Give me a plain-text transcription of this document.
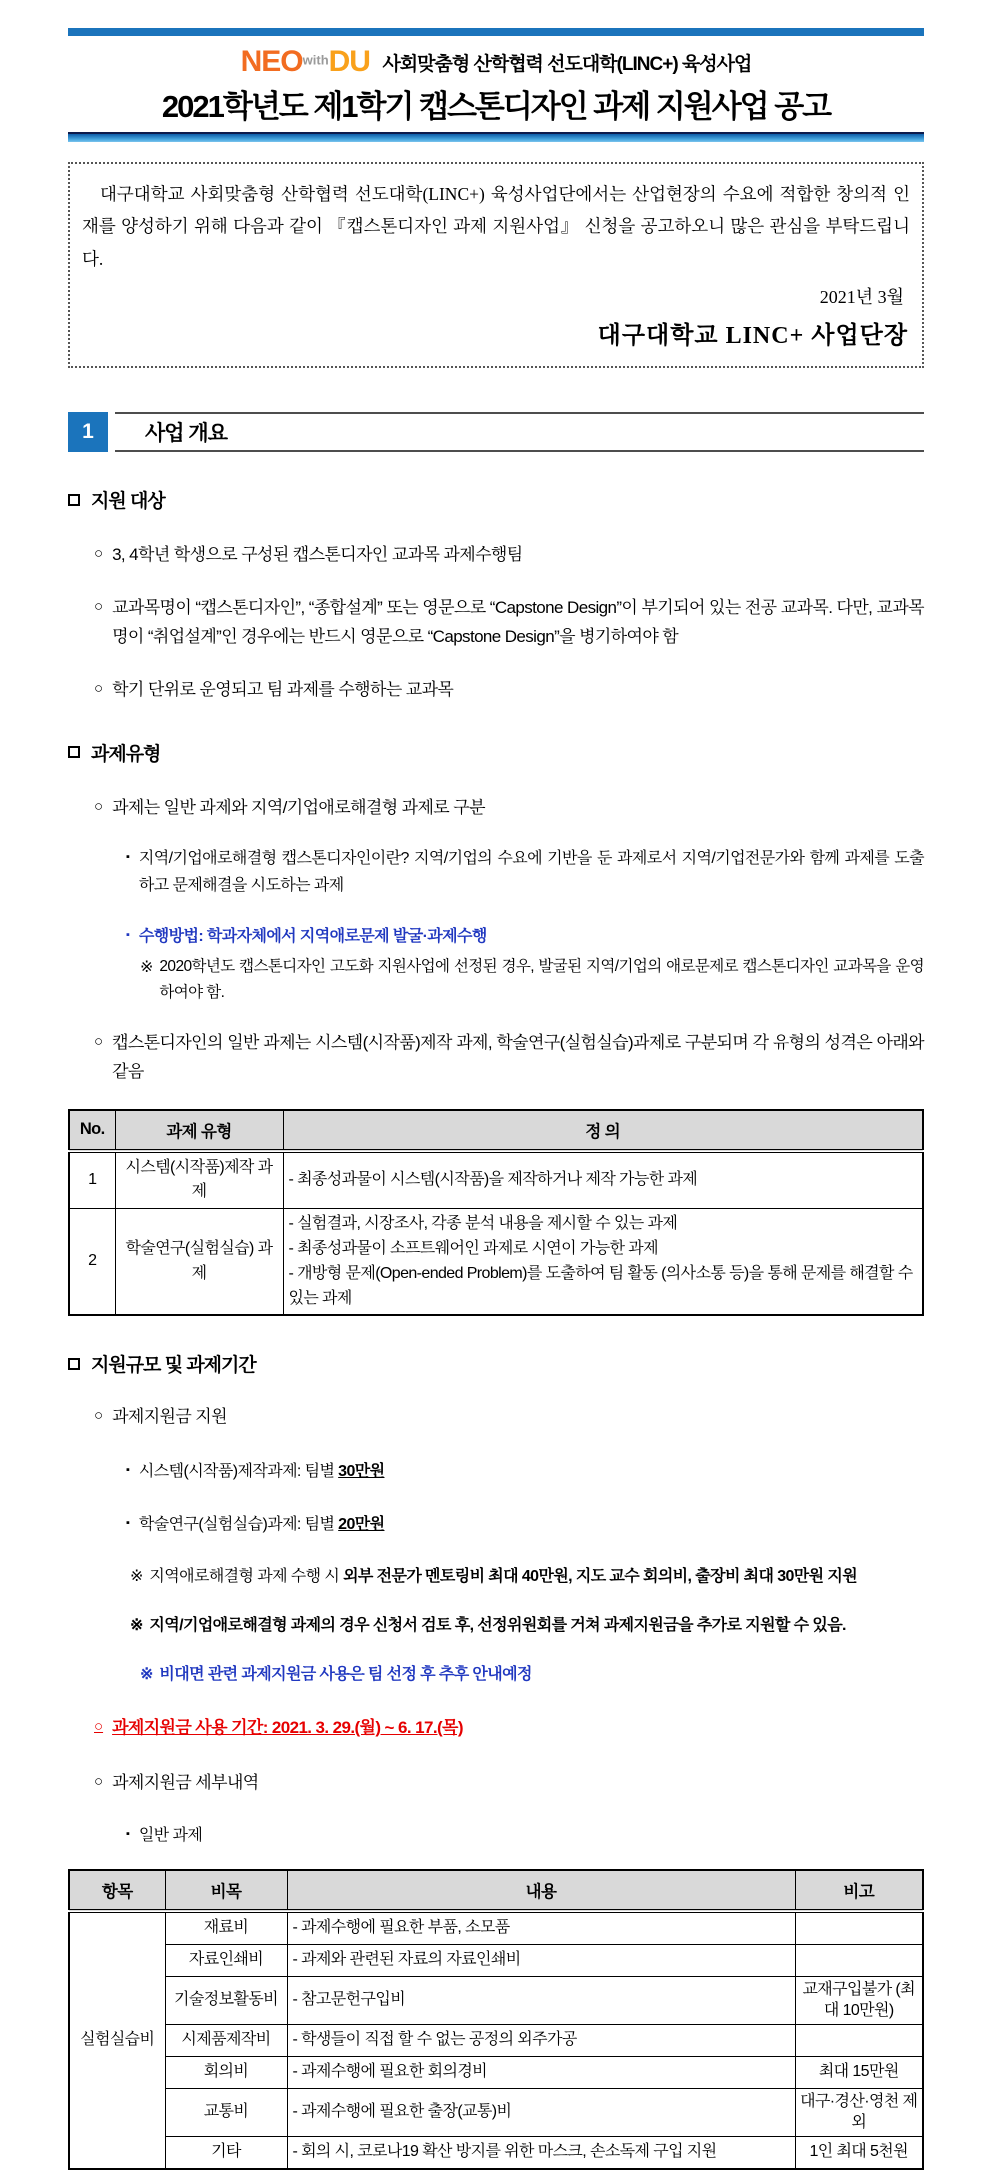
$NEO^{with}DU$ 사회맞춤형 산학협력 선도대학(LINC+) 육성사업
2021학년도 제1학기 캡스톤디자인 과제 지원사업 공고
대구대학교 사회맞춤형 산학협력 선도대학(LINC+) 육성사업단에서는 산업현장의 수요에 적합한 창의적 인재를 양성하기 위해 다음과 같이 『캡스톤디자인 과제 지원사업』 신청을 공고하오니 많은 관심을 부탁드립니다.
2021년 3월
대구대학교 LINC+ 사업단장
1	사업 개요
지원 대상
○ 3, 4학년 학생으로 구성된 캡스톤디자인 교과목 과제수행팀
○ 교과목명이 “캡스톤디자인”, “종합설계” 또는 영문으로 “Capstone Design”이 부기되어 있는 전공 교과목. 다만, 교과목명이 “취업설계”인 경우에는 반드시 영문으로 “Capstone Design”을 병기하여야 함
○ 학기 단위로 운영되고 팀 과제를 수행하는 교과목
과제유형
○ 과제는 일반 과제와 지역/기업애로해결형 과제로 구분
▪ 지역/기업애로해결형 캡스톤디자인이란? 지역/기업의 수요에 기반을 둔 과제로서 지역/기업전문가와 함께 과제를 도출하고 문제해결을 시도하는 과제
▪ 수행방법: 학과자체에서 지역애로문제 발굴·과제수행
※ 2020학년도 캡스톤디자인 고도화 지원사업에 선정된 경우, 발굴된 지역/기업의 애로문제로 캡스톤디자인 교과목을 운영하여야 함.
○ 캡스톤디자인의 일반 과제는 시스템(시작품)제작 과제, 학술연구(실험실습)과제로 구분되며 각 유형의 성격은 아래와 같음
No.	과제 유형	정 의
1	시스템(시작품)제작 과제	- 최종성과물이 시스템(시작품)을 제작하거나 제작 가능한 과제

2	학술연구(실험실습) 과제	- 실험결과, 시장조사, 각종 분석 내용을 제시할 수 있는 과제
- 최종성과물이 소프트웨어인 과제로 시연이 가능한 과제
- 개방형 문제(Open-ended Problem)를 도출하여 팀 활동 (의사소통 등)을 통해 문제를 해결할 수 있는 과제
지원규모 및 과제기간
○ 과제지원금 지원
▪ 시스템(시작품)제작과제: 팀별 30만원
▪ 학술연구(실험실습)과제: 팀별 20만원
※ 지역애로해결형 과제 수행 시 외부 전문가 멘토링비 최대 40만원, 지도 교수 회의비, 출장비 최대 30만원 지원
※ 지역/기업애로해결형 과제의 경우 신청서 검토 후, 선정위원회를 거쳐 과제지원금을 추가로 지원할 수 있음.
※ 비대면 관련 과제지원금 사용은 팀 선정 후 추후 안내예정
○ 과제지원금 사용 기간: 2021. 3. 29.(월) ~ 6. 17.(목)
○ 과제지원금 세부내역
▪ 일반 과제
항목	비목	내용	비고
실험실습비	재료비	- 과제수행에 필요한 부품, 소모품	
	자료인쇄비	- 과제와 관련된 자료의 자료인쇄비	
	기술정보활동비	- 참고문헌구입비	교재구입불가 (최대 10만원)
	시제품제작비	- 학생들이 직접 할 수 없는 공정의 외주가공	
	회의비	- 과제수행에 필요한 회의경비	최대 15만원
	교통비	- 과제수행에 필요한 출장(교통)비	대구·경산·영천 제외
	기타	- 회의 시, 코로나19 확산 방지를 위한 마스크, 손소독제 구입 지원	1인 최대 5천원
